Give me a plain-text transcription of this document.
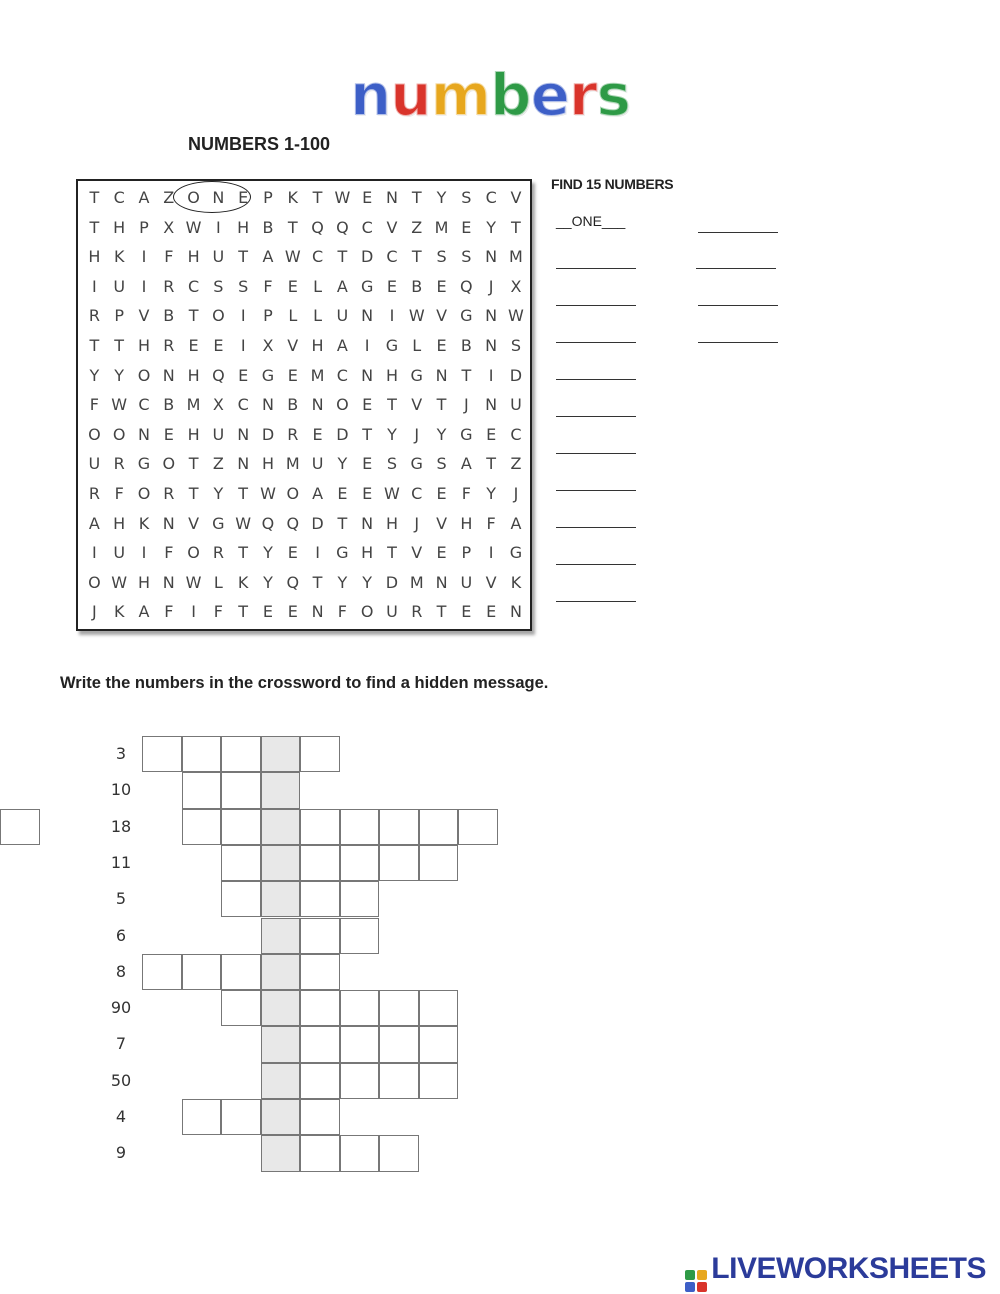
numbers
NUMBERS 1-100
T C A Z O N E P K T W E N T Y S C V
T H P X W I	H B T Q Q C V Z M E Y T
H K	I	F H U T A W C T D C T S S N M
I	U	I	R C S S F E L A G E B E Q	J	X
R P V B T O	I	P L L U N	I W V G N W
T T H R E E	I	X V H A	I	G L E B N S
Y Y O N H Q E G E M C N H G N T	I	D
F W C B M X C N B N O E T V T	J	N U
O O N E H U N D R E D T Y	J	Y G E C
U R G O T Z N H M U Y E S G S A T Z
R F O R T Y T W O A E E W C E F Y	J
A H K N V G W Q Q D T N H	J	V H F A
I	U	I	F O R T Y E	I	G H T V E P	I	G
O W H N W L K Y Q T Y Y D M N U V K
J	K A F	I	F T E E N F O U R T E E N
FIND 15 NUMBERS
__ONE___
Write the numbers in the crossword to find a hidden message.
3
10
18
11
5
6
8
90
7
50
4
9
LIVEWORKSHEETS
